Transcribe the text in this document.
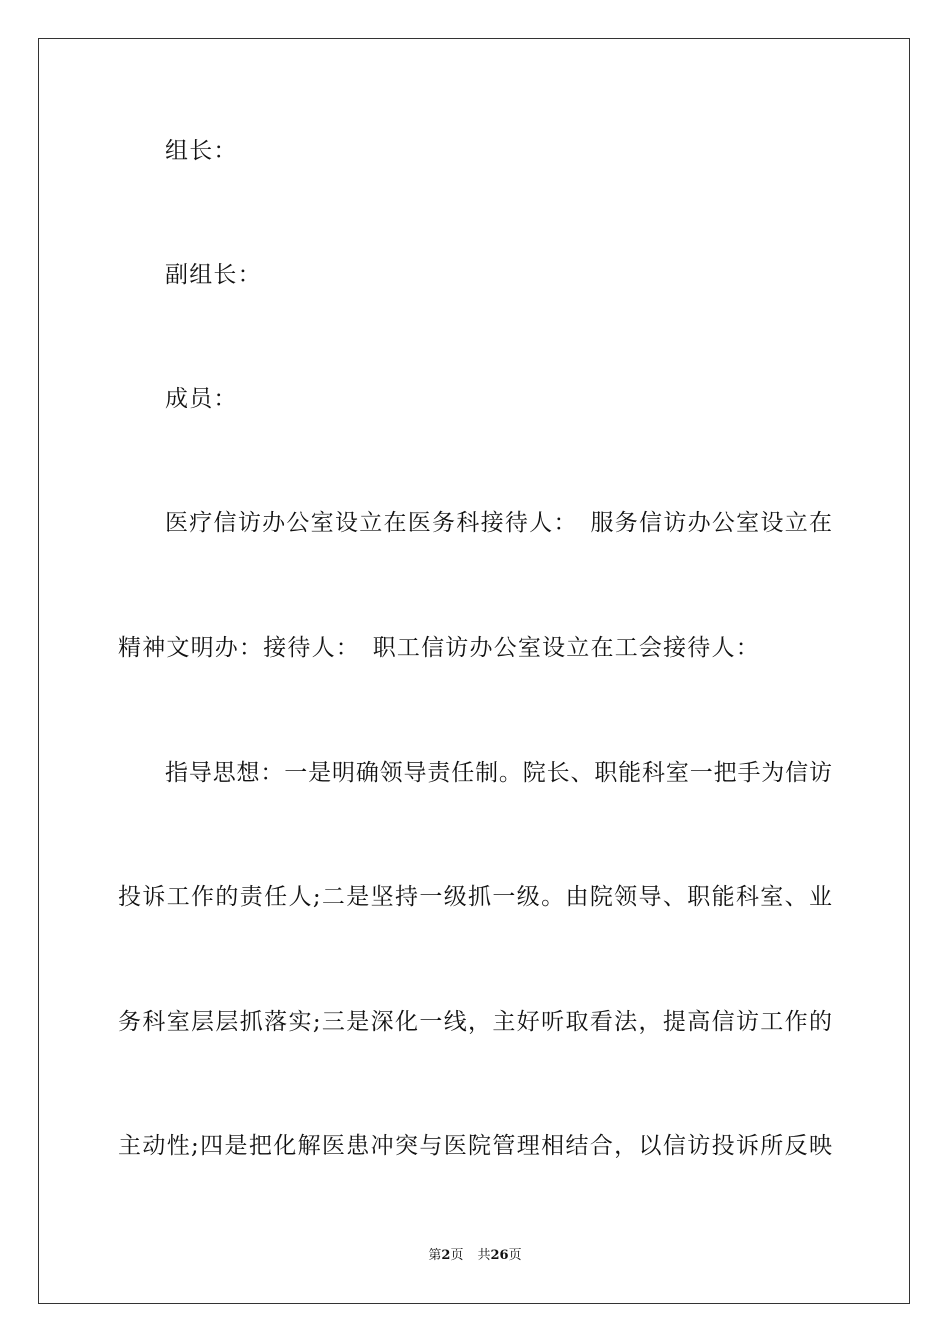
组长：
副组长：
成员：
医疗信访办公室设立在医务科接待人：　服务信访办公室设立在
精神文明办：接待人：　职工信访办公室设立在工会接待人：
指导思想：一是明确领导责任制。院长、职能科室一把手为信访
投诉工作的责任人;二是坚持一级抓一级。由院领导、职能科室、业
务科室层层抓落实;三是深化一线，主好听取看法，提高信访工作的
主动性;四是把化解医患冲突与医院管理相结合，以信访投诉所反映
第2页 共26页
